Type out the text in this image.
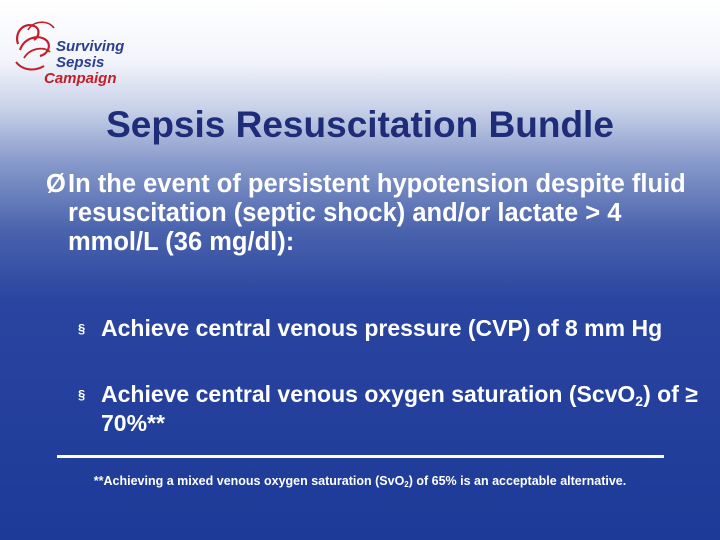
Surviving
Sepsis
Campaign
Sepsis Resuscitation Bundle
Ø In the event of persistent hypotension despite fluid resuscitation (septic shock) and/or lactate > 4 mmol/L (36 mg/dl):
§ Achieve central venous pressure (CVP) of 8 mm Hg
§ Achieve central venous oxygen saturation (ScvO$_2$) of ≥ 70%**
**Achieving a mixed venous oxygen saturation (SvO$_2$) of 65% is an acceptable alternative.
